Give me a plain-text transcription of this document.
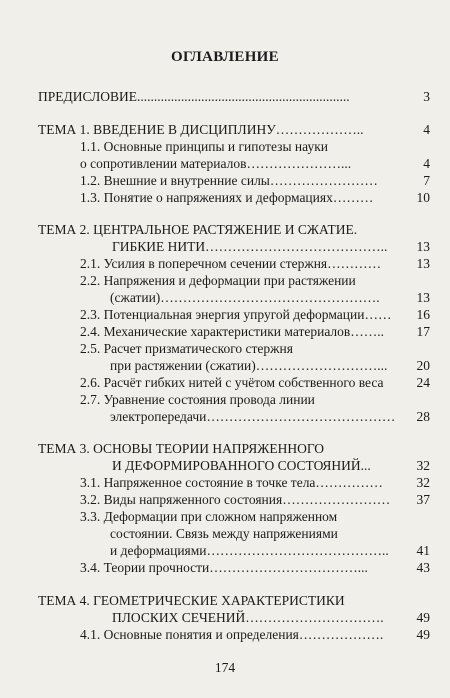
ОГЛАВЛЕНИЕ
ПРЕДИСЛОВИЕ...............................................................	3
ТЕМА 1. ВВЕДЕНИЕ В ДИСЦИПЛИНУ………………..	4
1.1. Основные принципы и гипотезы науки
о сопротивлении материалов…………………...	4
1.2. Внешние и внутренние силы……………………	7
1.3. Понятие о напряжениях и деформациях………	10
ТЕМА 2. ЦЕНТРАЛЬНОЕ РАСТЯЖЕНИЕ И СЖАТИЕ.
ГИБКИЕ НИТИ…………………………………..	13
2.1. Усилия в поперечном сечении стержня…………	13
2.2. Напряжения и деформации при растяжении
(сжатии)………………………………………….	13
2.3. Потенциальная энергия упругой деформации……	16
2.4. Механические характеристики материалов……..	17
2.5. Расчет призматического стержня
при растяжении (сжатии)………………………...	20
2.6. Расчёт гибких нитей с учётом собственного веса	24
2.7. Уравнение состояния провода линии
электропередачи……………………………………	28
ТЕМА 3. ОСНОВЫ ТЕОРИИ НАПРЯЖЕННОГО
И ДЕФОРМИРОВАННОГО СОСТОЯНИЙ...	32
3.1. Напряженное состояние в точке тела……………	32
3.2. Виды напряженного состояния……………………	37
3.3. Деформации при сложном напряженном
состоянии. Связь между напряжениями
и деформациями…………………………………..	41
3.4. Теории прочности……………………………...	43
ТЕМА 4. ГЕОМЕТРИЧЕСКИЕ ХАРАКТЕРИСТИКИ
ПЛОСКИХ СЕЧЕНИЙ………………………….	49
4.1. Основные понятия и определения……………….	49
174
